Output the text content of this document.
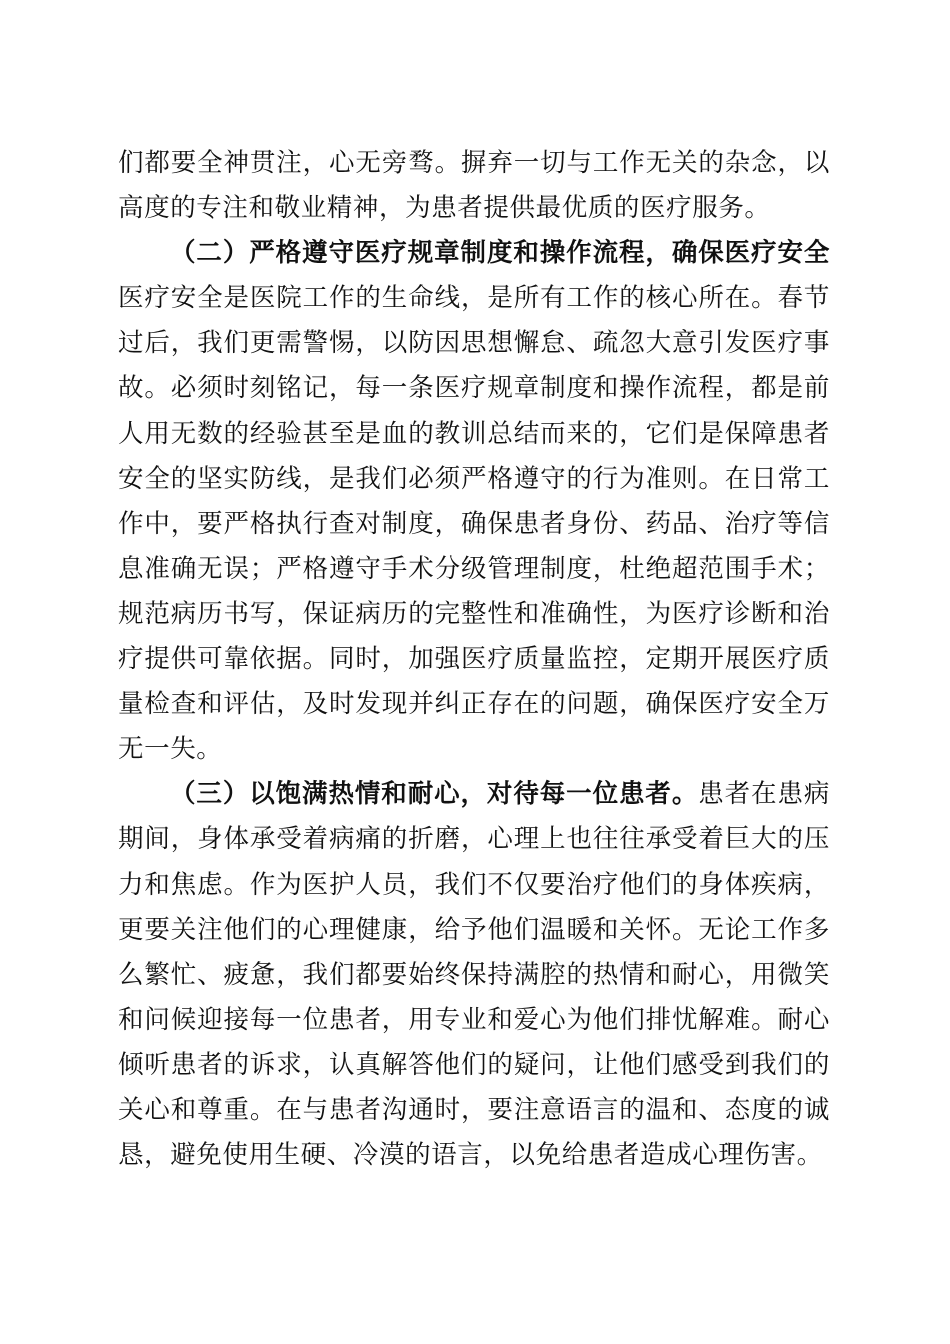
们都要全神贯注，心无旁骛。摒弃一切与工作无关的杂念，以高度的专注和敬业精神，为患者提供最优质的医疗服务。

（二）严格遵守医疗规章制度和操作流程，确保医疗安全医疗安全是医院工作的生命线，是所有工作的核心所在。春节过后，我们更需警惕，以防因思想懈怠、疏忽大意引发医疗事故。必须时刻铭记，每一条医疗规章制度和操作流程，都是前人用无数的经验甚至是血的教训总结而来的，它们是保障患者安全的坚实防线，是我们必须严格遵守的行为准则。在日常工作中，要严格执行查对制度，确保患者身份、药品、治疗等信息准确无误；严格遵守手术分级管理制度，杜绝超范围手术；规范病历书写，保证病历的完整性和准确性，为医疗诊断和治疗提供可靠依据。同时，加强医疗质量监控，定期开展医疗质量检查和评估，及时发现并纠正存在的问题，确保医疗安全万无一失。

（三）以饱满热情和耐心，对待每一位患者。患者在患病期间，身体承受着病痛的折磨，心理上也往往承受着巨大的压力和焦虑。作为医护人员，我们不仅要治疗他们的身体疾病，更要关注他们的心理健康，给予他们温暖和关怀。无论工作多么繁忙、疲惫，我们都要始终保持满腔的热情和耐心，用微笑和问候迎接每一位患者，用专业和爱心为他们排忧解难。耐心倾听患者的诉求，认真解答他们的疑问，让他们感受到我们的关心和尊重。在与患者沟通时，要注意语言的温和、态度的诚恳，避免使用生硬、冷漠的语言，以免给患者造成心理伤害。
